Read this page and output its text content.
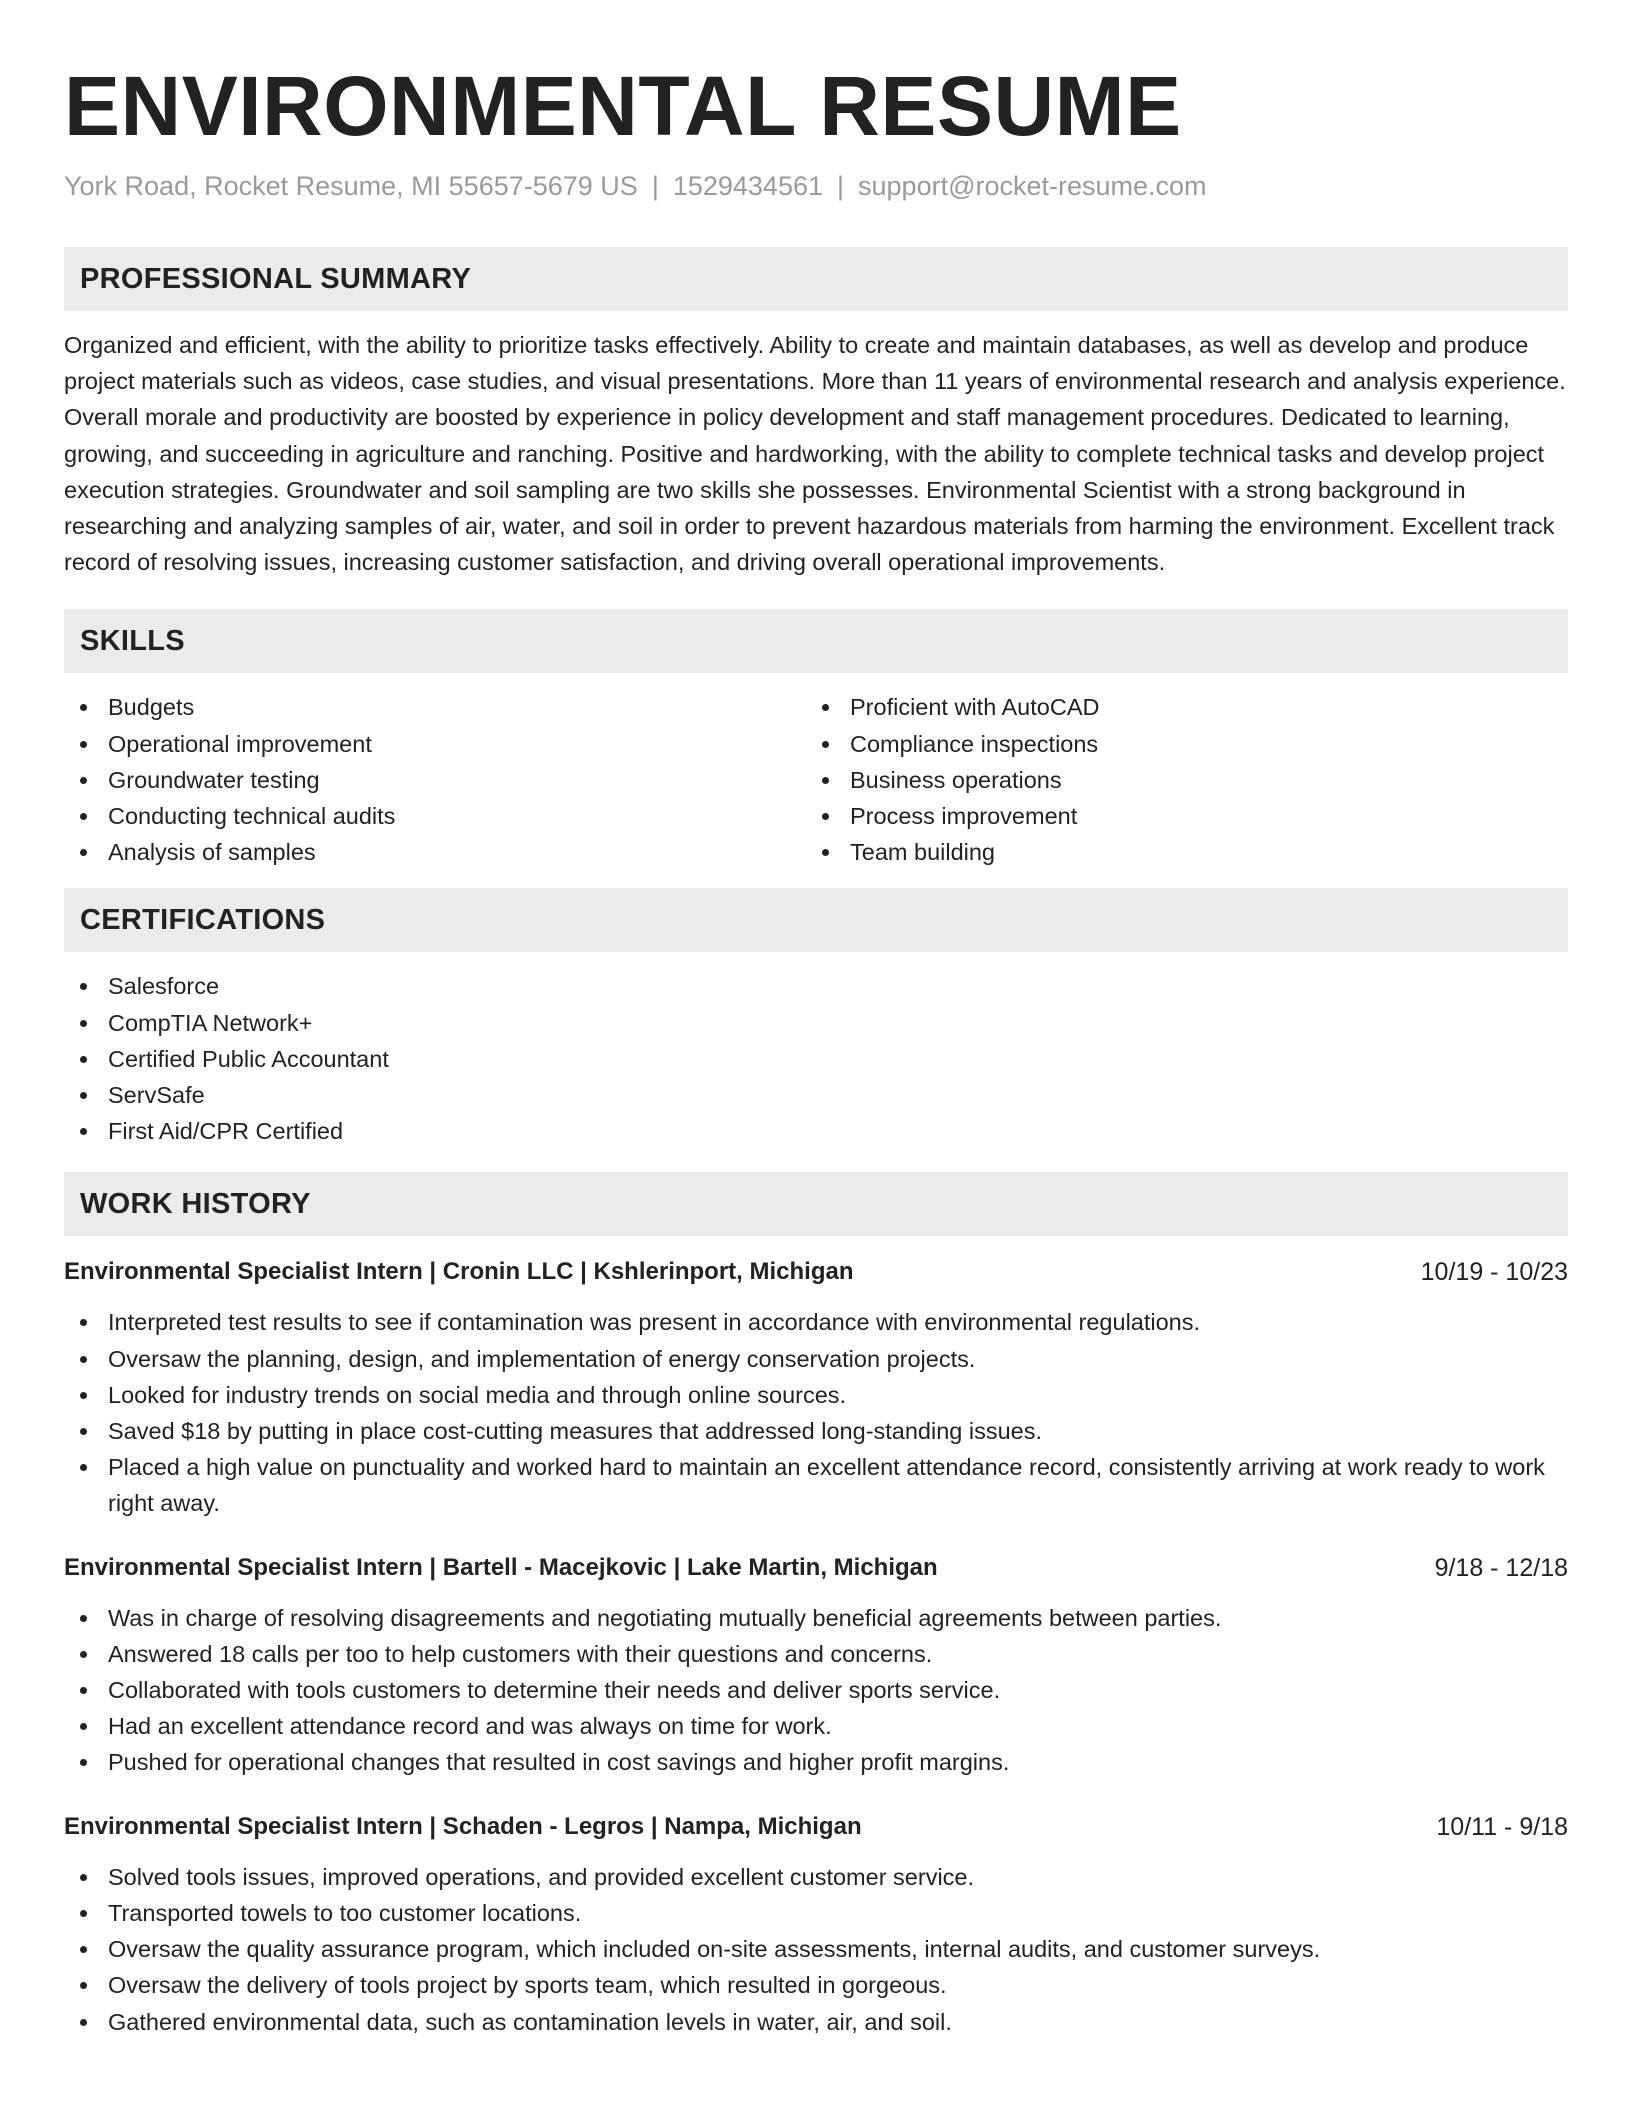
ENVIRONMENTAL RESUME
York Road, Rocket Resume, MI 55657-5679 US | 1529434561 | support@rocket-resume.com
PROFESSIONAL SUMMARY

Organized and efficient, with the ability to prioritize tasks effectively. Ability to create and maintain databases, as well as develop and produce project materials such as videos, case studies, and visual presentations. More than 11 years of environmental research and analysis experience. Overall morale and productivity are boosted by experience in policy development and staff management procedures. Dedicated to learning, growing, and succeeding in agriculture and ranching. Positive and hardworking, with the ability to complete technical tasks and develop project execution strategies. Groundwater and soil sampling are two skills she possesses. Environmental Scientist with a strong background in researching and analyzing samples of air, water, and soil in order to prevent hazardous materials from harming the environment. Excellent track record of resolving issues, increasing customer satisfaction, and driving overall operational improvements.

SKILLS
Budgets
Operational improvement
Groundwater testing
Conducting technical audits
Analysis of samples
Proficient with AutoCAD
Compliance inspections
Business operations
Process improvement
Team building
CERTIFICATIONS
Salesforce
CompTIA Network+
Certified Public Accountant
ServSafe
First Aid/CPR Certified
WORK HISTORY
Environmental Specialist Intern | Cronin LLC | Kshlerinport, Michigan	10/19 - 10/23
Interpreted test results to see if contamination was present in accordance with environmental regulations.
Oversaw the planning, design, and implementation of energy conservation projects.
Looked for industry trends on social media and through online sources.
Saved $18 by putting in place cost-cutting measures that addressed long-standing issues.
Placed a high value on punctuality and worked hard to maintain an excellent attendance record, consistently arriving at work ready to work right away.
Environmental Specialist Intern | Bartell - Macejkovic | Lake Martin, Michigan	9/18 - 12/18
Was in charge of resolving disagreements and negotiating mutually beneficial agreements between parties.
Answered 18 calls per too to help customers with their questions and concerns.
Collaborated with tools customers to determine their needs and deliver sports service.
Had an excellent attendance record and was always on time for work.
Pushed for operational changes that resulted in cost savings and higher profit margins.
Environmental Specialist Intern | Schaden - Legros | Nampa, Michigan	10/11 - 9/18
Solved tools issues, improved operations, and provided excellent customer service.
Transported towels to too customer locations.
Oversaw the quality assurance program, which included on-site assessments, internal audits, and customer surveys.
Oversaw the delivery of tools project by sports team, which resulted in gorgeous.
Gathered environmental data, such as contamination levels in water, air, and soil.
